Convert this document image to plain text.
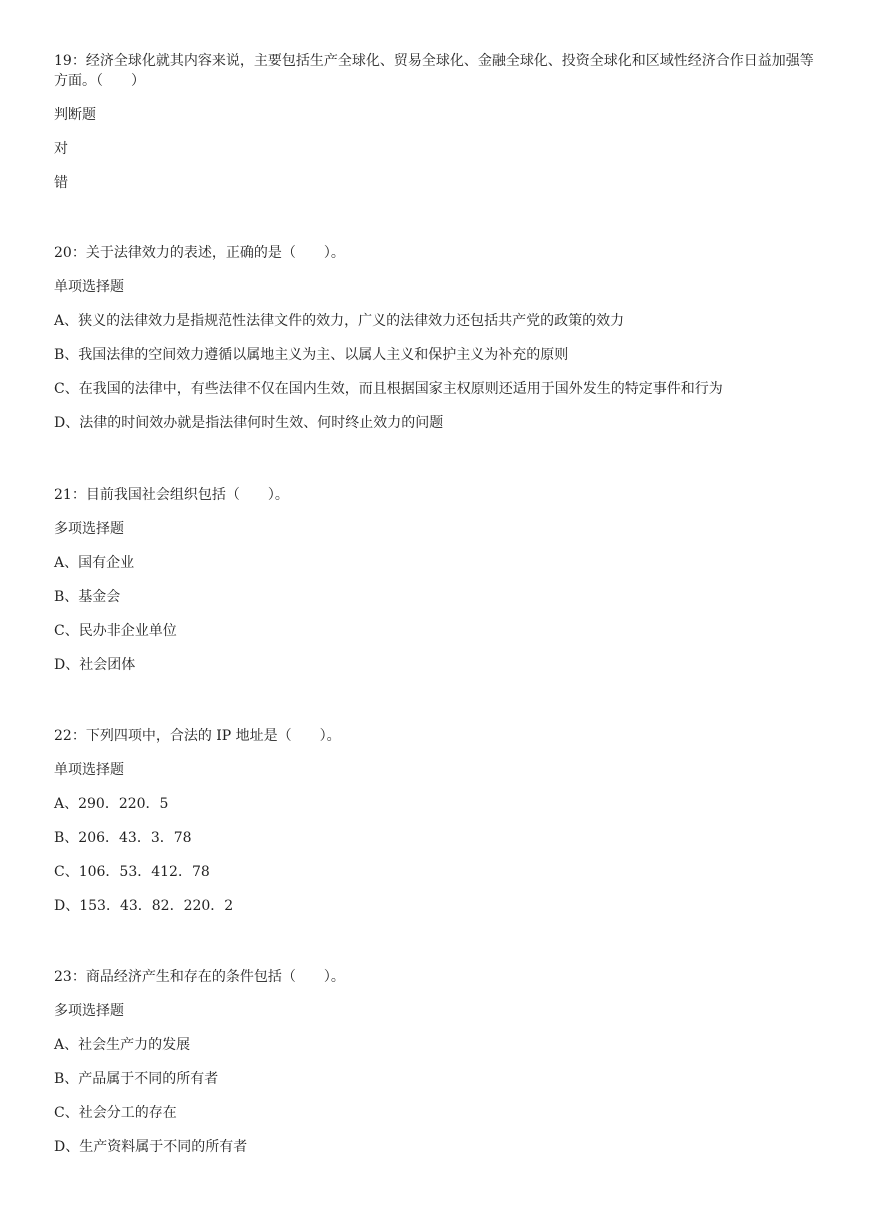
19：经济全球化就其内容来说，主要包括生产全球化、贸易全球化、金融全球化、投资全球化和区域性经济合作日益加强等方面。（　　）

判断题

对

错

20：关于法律效力的表述，正确的是（　　）。

单项选择题

A、狭义的法律效力是指规范性法律文件的效力，广义的法律效力还包括共产党的政策的效力

B、我国法律的空间效力遵循以属地主义为主、以属人主义和保护主义为补充的原则

C、在我国的法律中，有些法律不仅在国内生效，而且根据国家主权原则还适用于国外发生的特定事件和行为

D、法律的时间效办就是指法律何时生效、何时终止效力的问题

21：目前我国社会组织包括（　　）。

多项选择题

A、国有企业

B、基金会

C、民办非企业单位

D、社会团体

22：下列四项中，合法的 IP 地址是（　　）。

单项选择题

A、290．220．5

B、206．43．3．78

C、106．53．412．78

D、153．43．82．220．2

23：商品经济产生和存在的条件包括（　　）。

多项选择题

A、社会生产力的发展

B、产品属于不同的所有者

C、社会分工的存在

D、生产资料属于不同的所有者
